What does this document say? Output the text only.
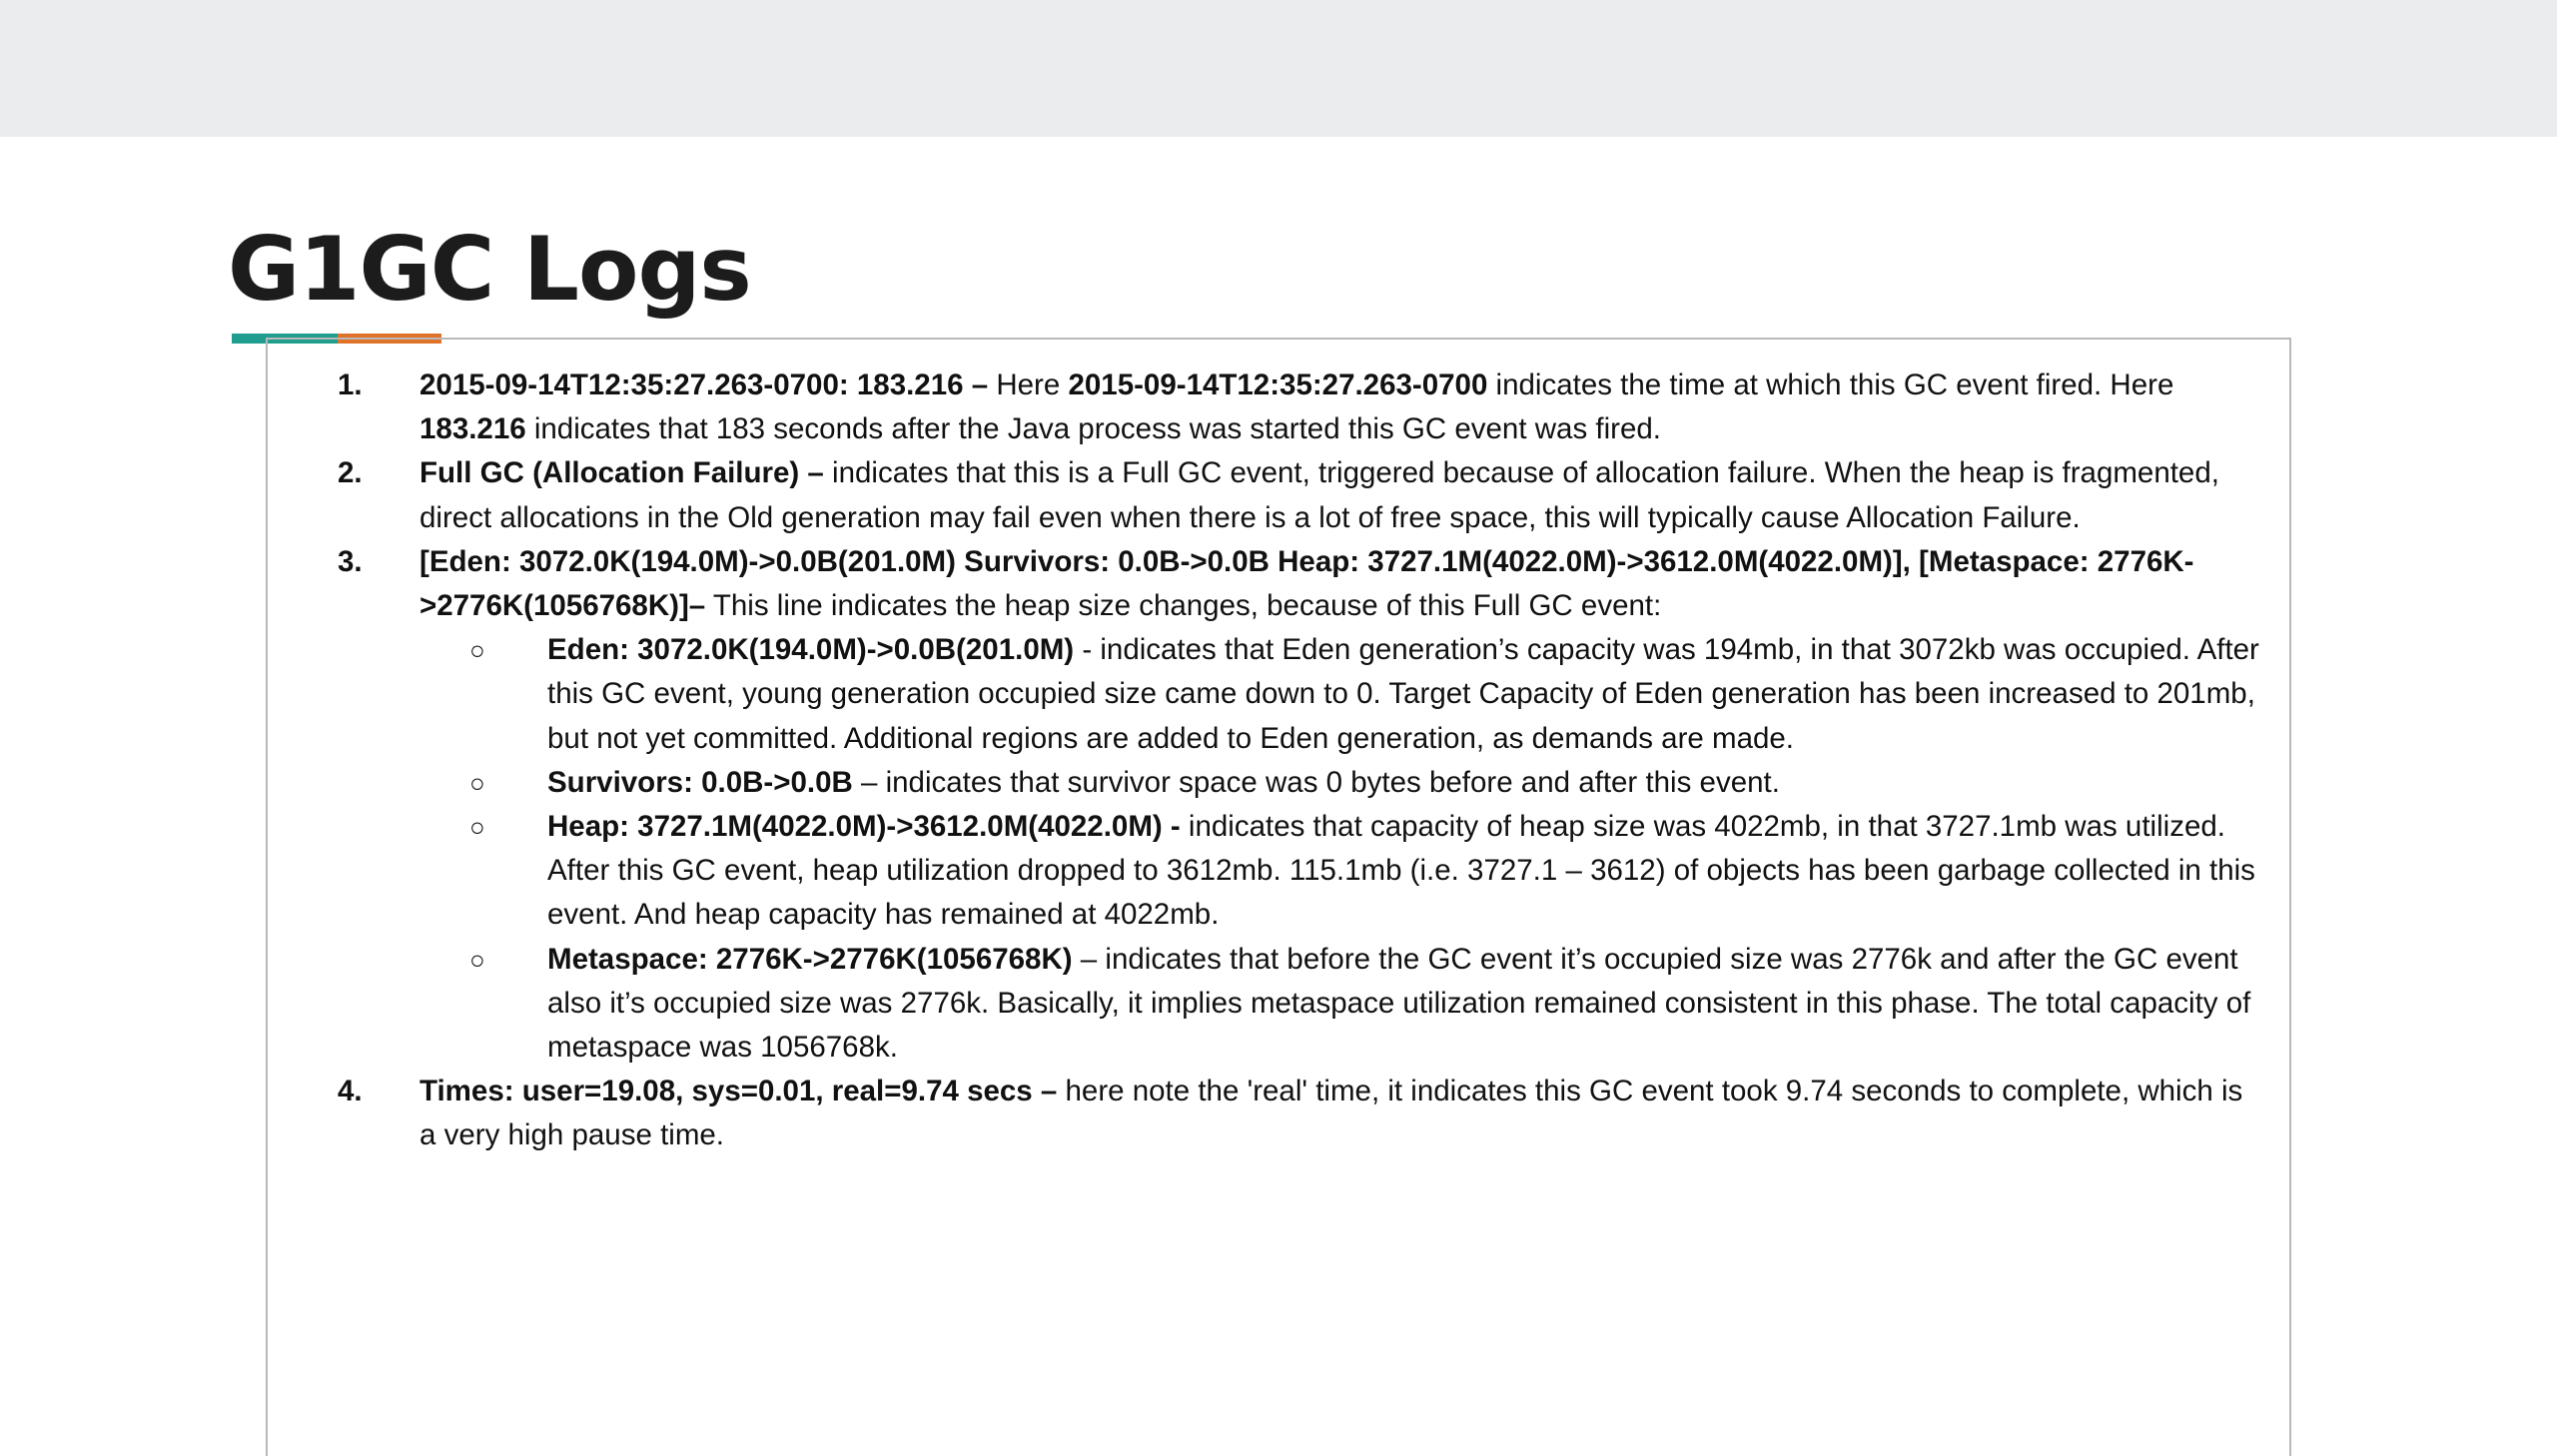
G1GC Logs
1. 2015-09-14T12:35:27.263-0700: 183.216 – Here 2015-09-14T12:35:27.263-0700 indicates the time at which this GC event fired. Here 183.216 indicates that 183 seconds after the Java process was started this GC event was fired.
2. Full GC (Allocation Failure) – indicates that this is a Full GC event, triggered because of allocation failure. When the heap is fragmented, direct allocations in the Old generation may fail even when there is a lot of free space, this will typically cause Allocation Failure.
3. [Eden: 3072.0K(194.0M)->0.0B(201.0M) Survivors: 0.0B->0.0B Heap: 3727.1M(4022.0M)->3612.0M(4022.0M)], [Metaspace: 2776K->2776K(1056768K)]– This line indicates the heap size changes, because of this Full GC event:
○ Eden: 3072.0K(194.0M)->0.0B(201.0M) - indicates that Eden generation’s capacity was 194mb, in that 3072kb was occupied. After this GC event, young generation occupied size came down to 0. Target Capacity of Eden generation has been increased to 201mb, but not yet committed. Additional regions are added to Eden generation, as demands are made.
○ Survivors: 0.0B->0.0B – indicates that survivor space was 0 bytes before and after this event.
○ Heap: 3727.1M(4022.0M)->3612.0M(4022.0M) - indicates that capacity of heap size was 4022mb, in that 3727.1mb was utilized. After this GC event, heap utilization dropped to 3612mb. 115.1mb (i.e. 3727.1 – 3612) of objects has been garbage collected in this event. And heap capacity has remained at 4022mb.
○ Metaspace: 2776K->2776K(1056768K) – indicates that before the GC event it’s occupied size was 2776k and after the GC event also it’s occupied size was 2776k. Basically, it implies metaspace utilization remained consistent in this phase. The total capacity of metaspace was 1056768k.
4. Times: user=19.08, sys=0.01, real=9.74 secs – here note the 'real' time, it indicates this GC event took 9.74 seconds to complete, which is a very high pause time.
